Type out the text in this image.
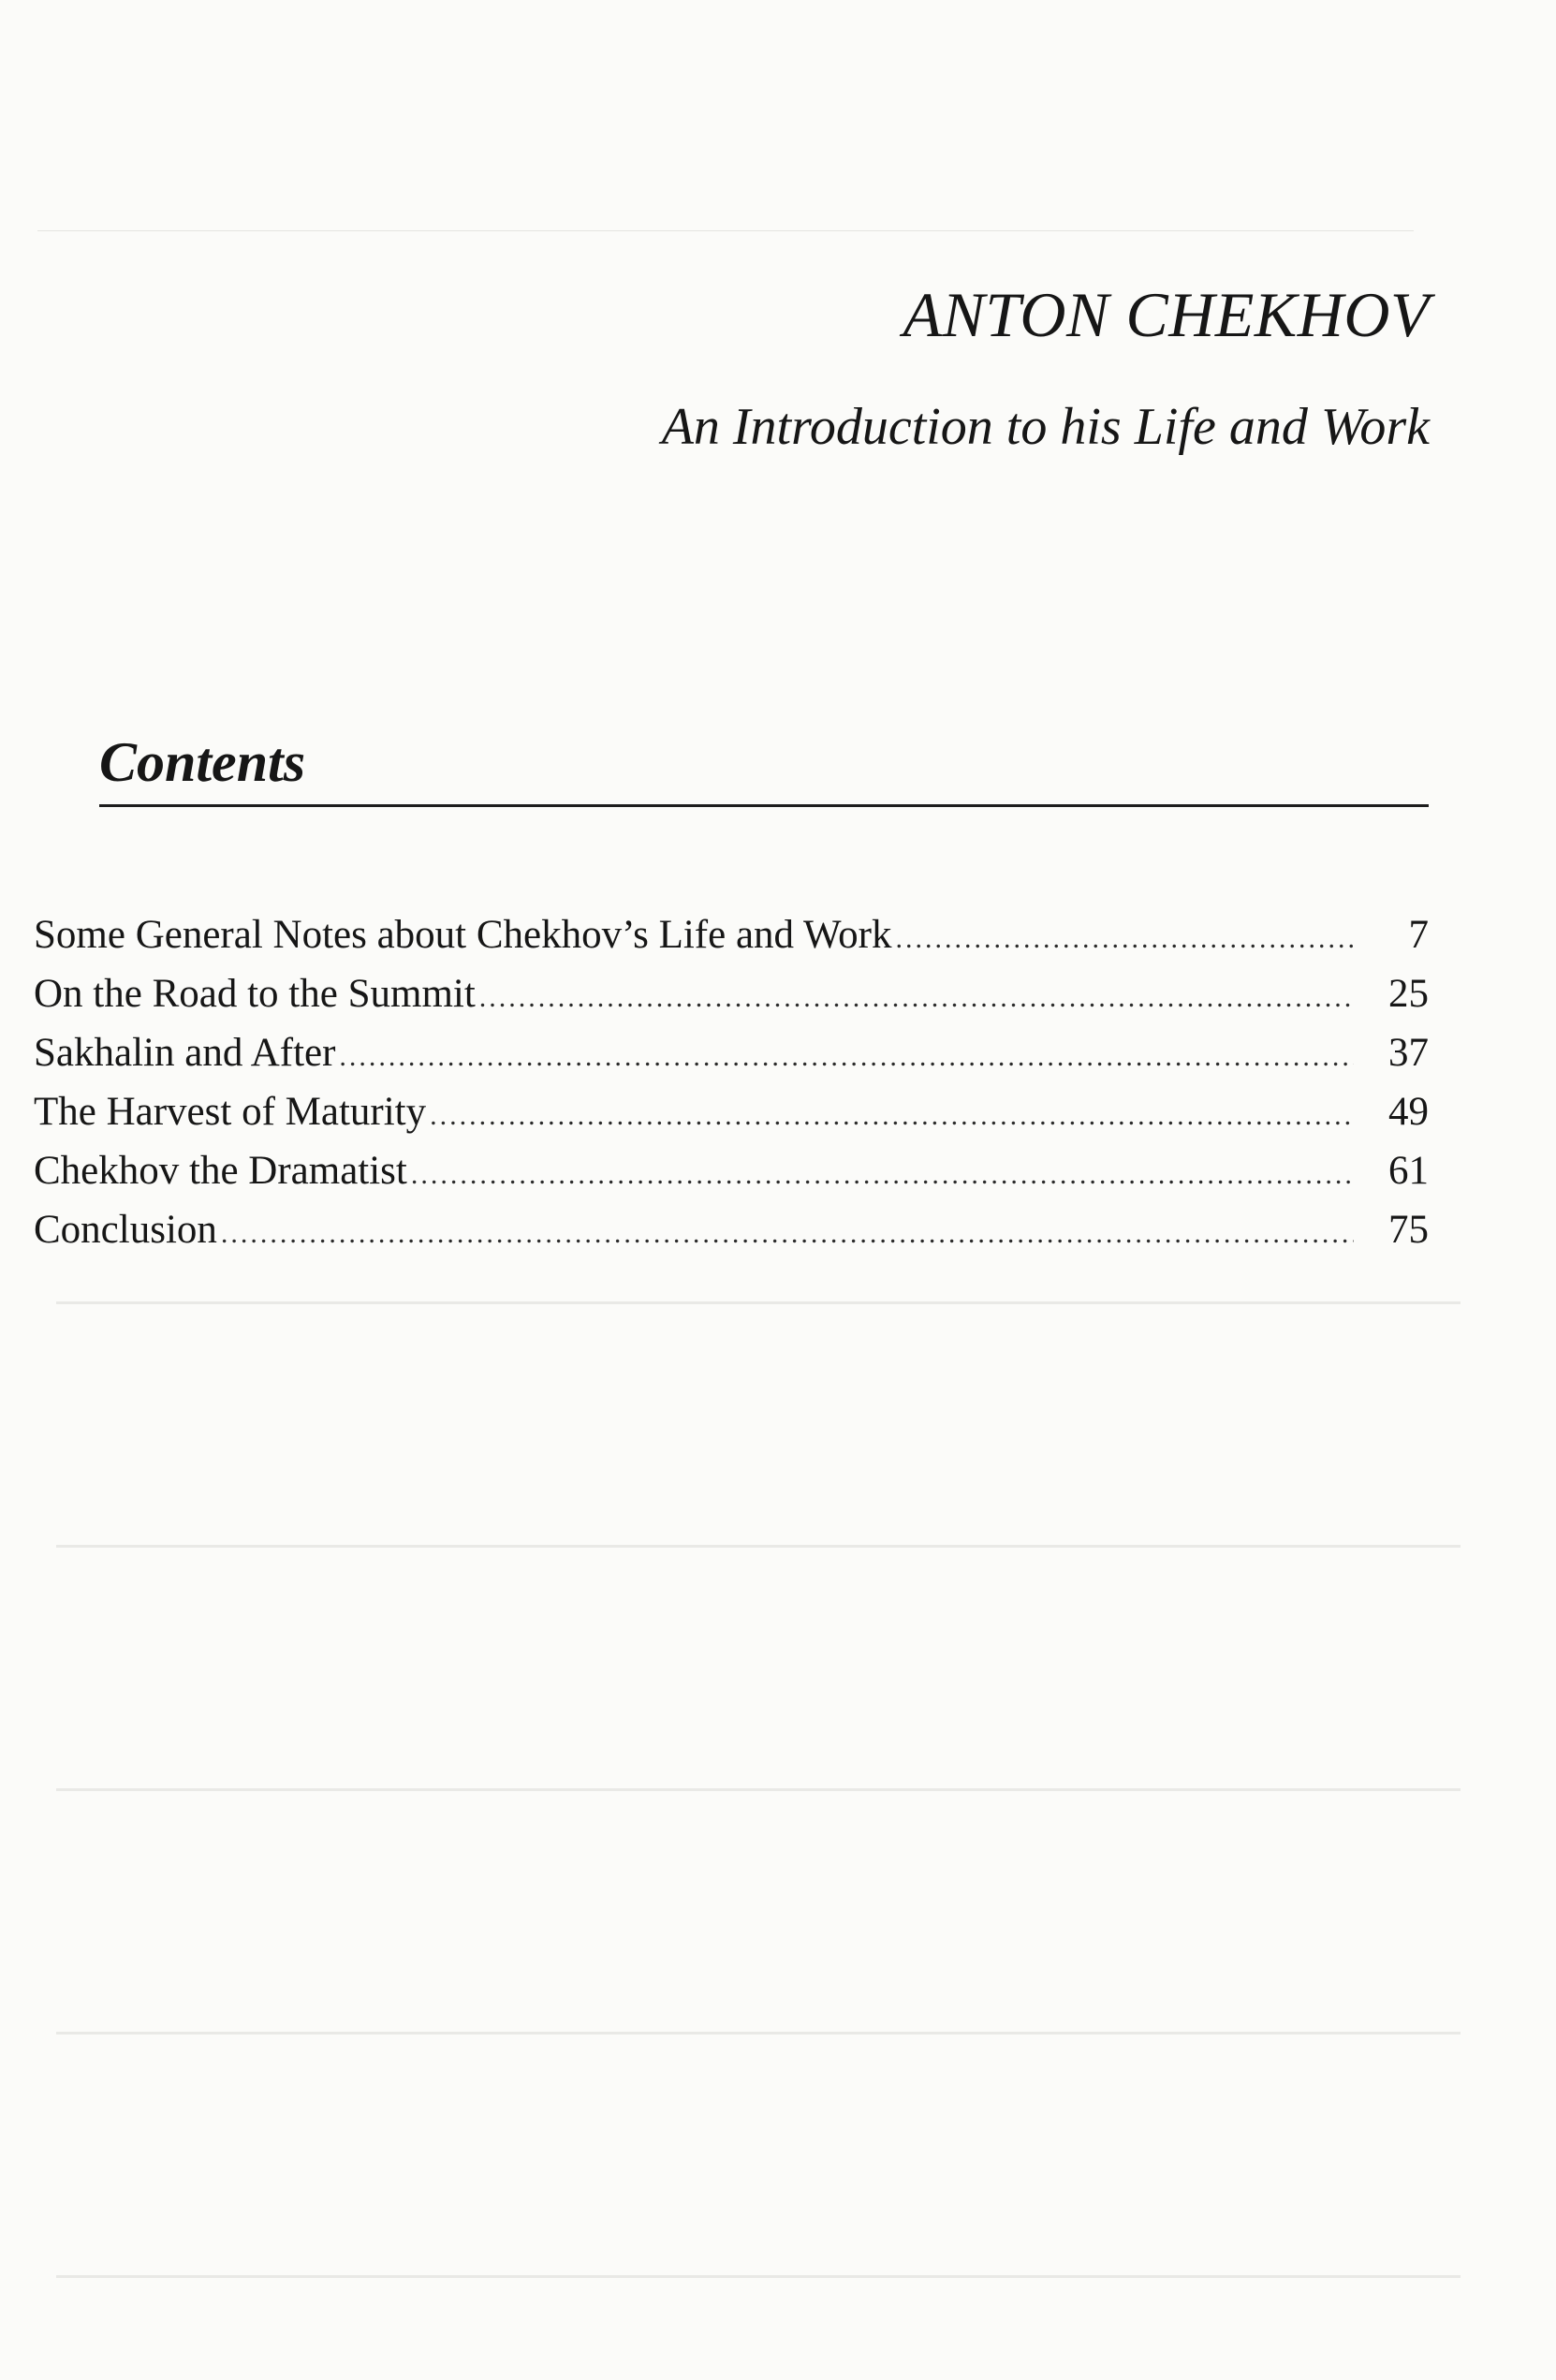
ANTON CHEKHOV
An Introduction to his Life and Work
Contents
Some General Notes about Chekhov’s Life and Work .....	7
On the Road to the Summit .....	25
Sakhalin and After .....	37
The Harvest of Maturity .....	49
Chekhov the Dramatist .....	61
Conclusion .....	75
